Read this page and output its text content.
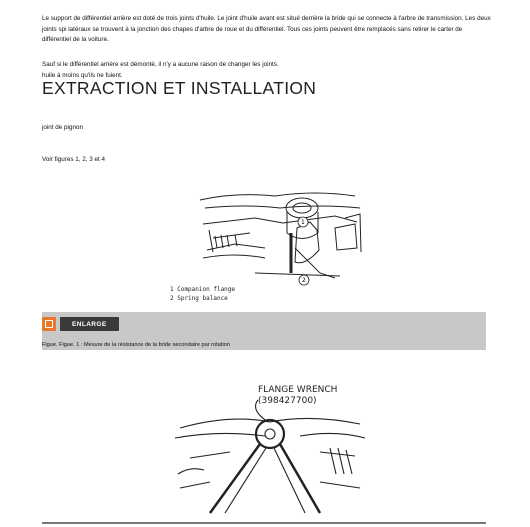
Le support de différentiel arrière est doté de trois joints d'huile. Le joint d'huile avant est situé derrière la bride qui se connecte à l'arbre de transmission. Les deux joints spi latéraux se trouvent à la jonction des chapes d'arbre de roue et du différentiel. Tous ces joints peuvent être remplacés sans retirer le carter de différentiel de la voiture.

Sauf si le différentiel arrière est démonté, il n'y a aucune raison de changer les joints.

huile à moins qu'ils ne fuient.

EXTRACTION ET INSTALLATION

joint de pignon

Voir figures 1, 2, 3 et 4

1
2
1 Companion flange
2 Spring balance
ENLARGE
Figue. Figue. 1 : Mesure de la résistance de la bride secondaire par rotation
FLANGE WRENCH
(398427700)
